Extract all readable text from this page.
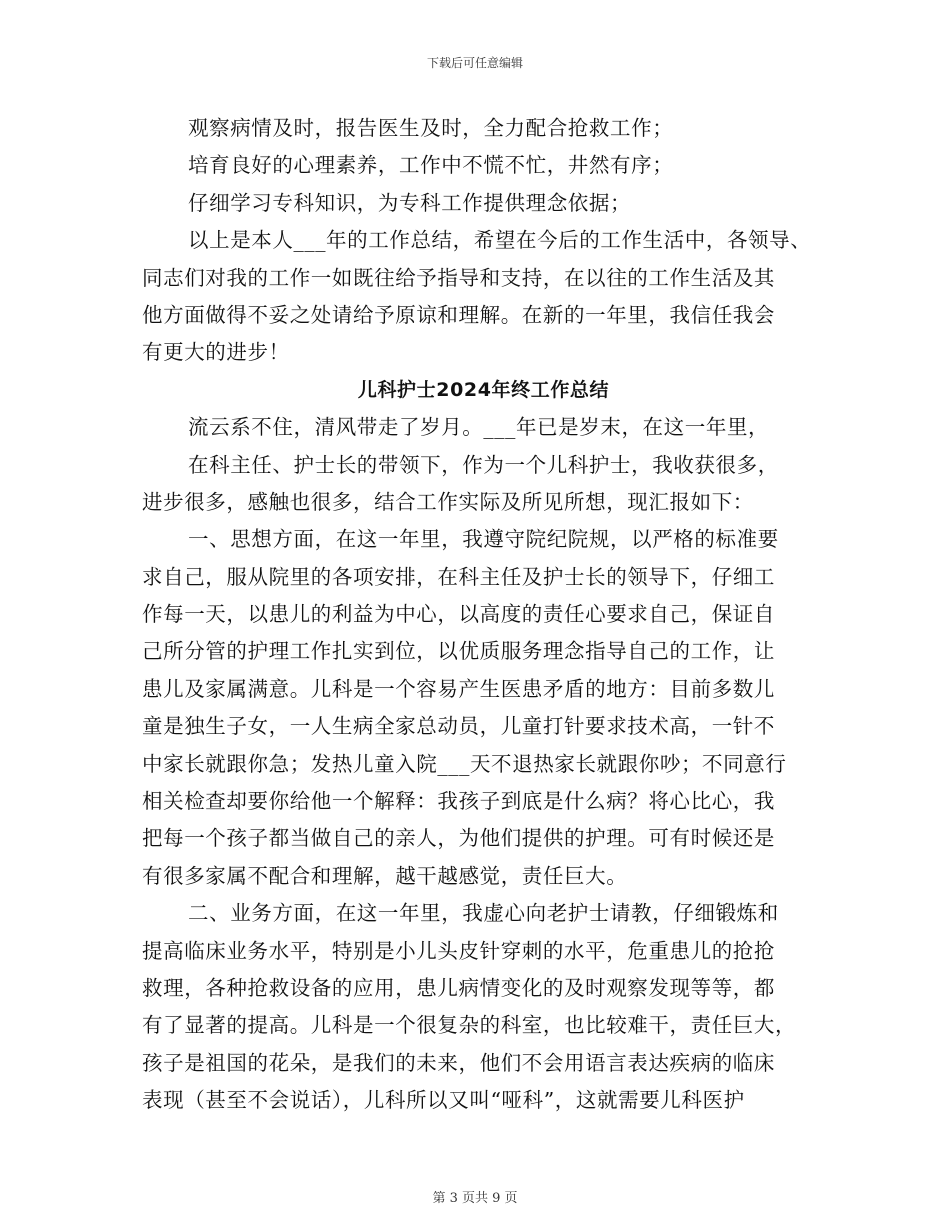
下载后可任意编辑
观察病情及时，报告医生及时，全力配合抢救工作；
培育良好的心理素养，工作中不慌不忙，井然有序；
仔细学习专科知识，为专科工作提供理念依据；
以上是本人___年的工作总结，希望在今后的工作生活中，各领导、
同志们对我的工作一如既往给予指导和支持，在以往的工作生活及其
他方面做得不妥之处请给予原谅和理解。在新的一年里，我信任我会
有更大的进步！
儿科护士2024年终工作总结
流云系不住，清风带走了岁月。___年已是岁末，在这一年里，
在科主任、护士长的带领下，作为一个儿科护士，我收获很多，
进步很多，感触也很多，结合工作实际及所见所想，现汇报如下：
一、思想方面，在这一年里，我遵守院纪院规，以严格的标准要
求自己，服从院里的各项安排，在科主任及护士长的领导下，仔细工
作每一天，以患儿的利益为中心，以高度的责任心要求自己，保证自
己所分管的护理工作扎实到位，以优质服务理念指导自己的工作，让
患儿及家属满意。儿科是一个容易产生医患矛盾的地方：目前多数儿
童是独生子女，一人生病全家总动员，儿童打针要求技术高，一针不
中家长就跟你急；发热儿童入院___天不退热家长就跟你吵；不同意行
相关检查却要你给他一个解释：我孩子到底是什么病？将心比心，我
把每一个孩子都当做自己的亲人，为他们提供的护理。可有时候还是
有很多家属不配合和理解，越干越感觉，责任巨大。
二、业务方面，在这一年里，我虚心向老护士请教，仔细锻炼和
提高临床业务水平，特别是小儿头皮针穿刺的水平，危重患儿的抢抢
救理，各种抢救设备的应用，患儿病情变化的及时观察发现等等，都
有了显著的提高。儿科是一个很复杂的科室，也比较难干，责任巨大，
孩子是祖国的花朵，是我们的未来，他们不会用语言表达疾病的临床
表现（甚至不会说话），儿科所以又叫“哑科”，这就需要儿科医护
第 3 页共 9 页
